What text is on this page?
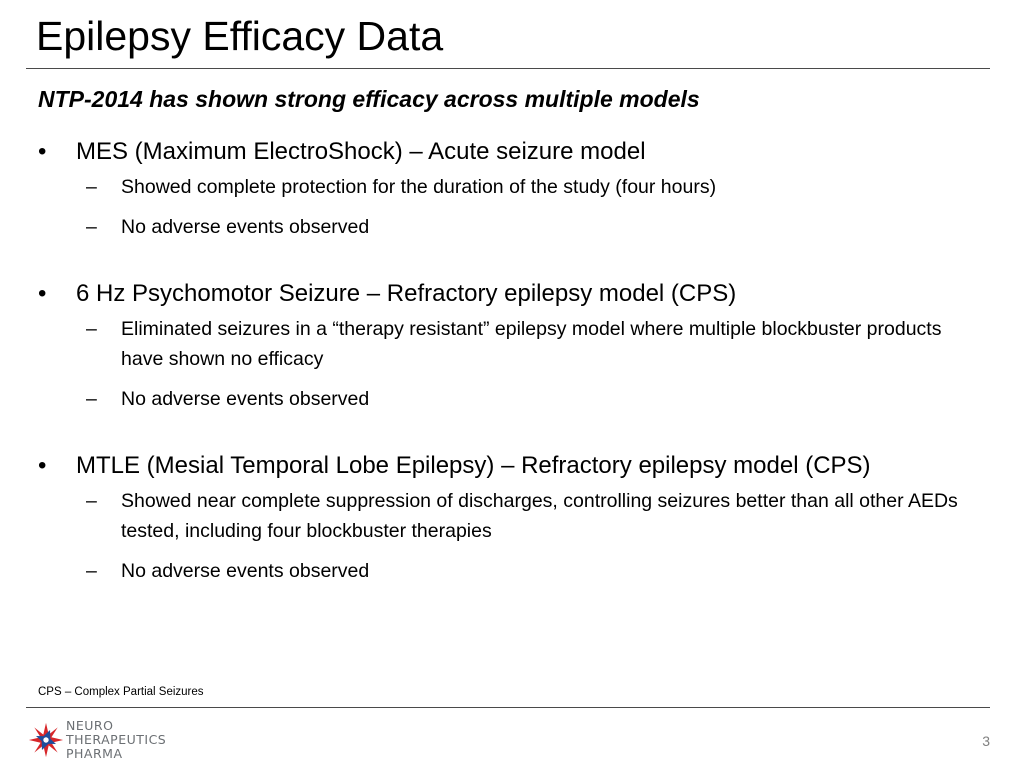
Epilepsy Efficacy Data
NTP-2014 has shown strong efficacy across multiple models
•	MES (Maximum ElectroShock) – Acute seizure model
– Showed complete protection for the duration of the study (four hours)
– No adverse events observed
•	6 Hz Psychomotor Seizure – Refractory epilepsy model (CPS)
– Eliminated seizures in a “therapy resistant” epilepsy model where multiple blockbuster products have shown no efficacy
– No adverse events observed
•	MTLE (Mesial Temporal Lobe Epilepsy) – Refractory epilepsy model (CPS)
– Showed near complete suppression of discharges, controlling seizures better than all other AEDs tested, including four blockbuster therapies
– No adverse events observed
CPS – Complex Partial Seizures
NEURO
THERAPEUTICS
PHARMA
3
